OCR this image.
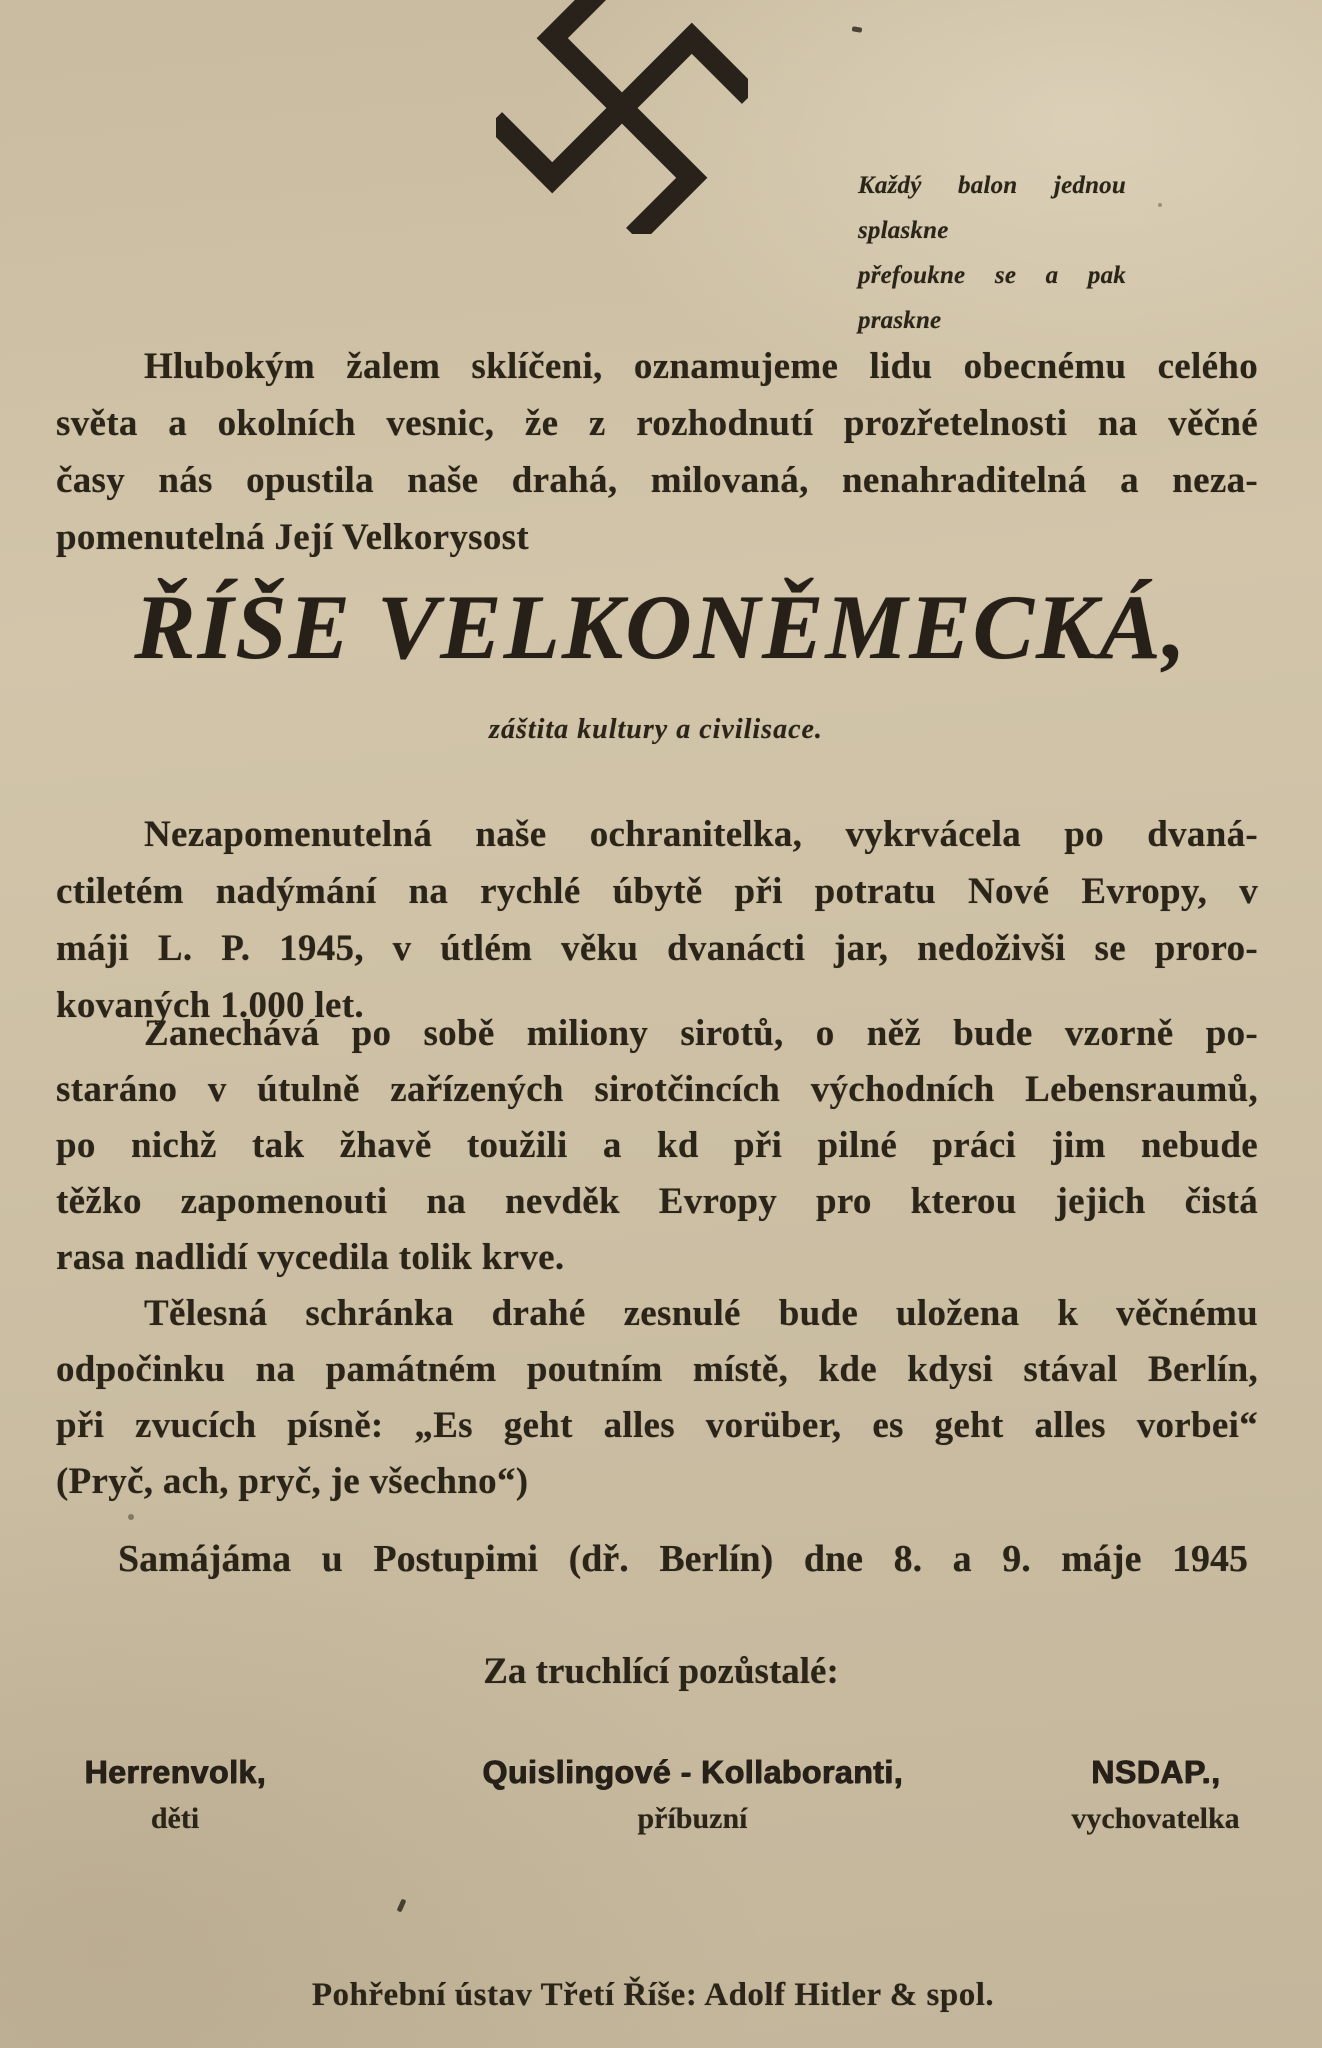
Každý balon jednou splaskne
přefoukne se a pak praskne
Hlubokým žalem sklíčeni, oznamujeme lidu obecnému celého
světa a okolních vesnic, že z rozhodnutí prozřetelnosti na věčné
časy nás opustila naše drahá, milovaná, nenahraditelná a neza-
pomenutelná Její Velkorysost
ŘÍŠE VELKONĚMECKÁ,
záštita kultury a civilisace.
Nezapomenutelná naše ochranitelka, vykrvácela po dvaná-
ctiletém nadýmání na rychlé úbytě při potratu Nové Evropy, v
máji L. P. 1945, v útlém věku dvanácti jar, nedoživši se proro-
kovaných 1.000 let.
Zanechává po sobě miliony sirotů, o něž bude vzorně po-
staráno v útulně zařízených sirotčincích východních Lebensraumů,
po nichž tak žhavě toužili a kd při pilné práci jim nebude
těžko zapomenouti na nevděk Evropy pro kterou jejich čistá
rasa nadlidí vycedila tolik krve.
Tělesná schránka drahé zesnulé bude uložena k věčnému
odpočinku na památném poutním místě, kde kdysi stával Berlín,
při zvucích písně: „Es geht alles vorüber, es geht alles vorbei“
(Pryč, ach, pryč, je všechno“)
Samájáma u Postupimi (dř. Berlín) dne 8. a 9. máje 1945
Za truchlící pozůstalé:
Herrenvolk,
děti
Quislingové - Kollaboranti,
příbuzní
NSDAP.,
vychovatelka
Pohřební ústav Třetí Říše: Adolf Hitler & spol.
